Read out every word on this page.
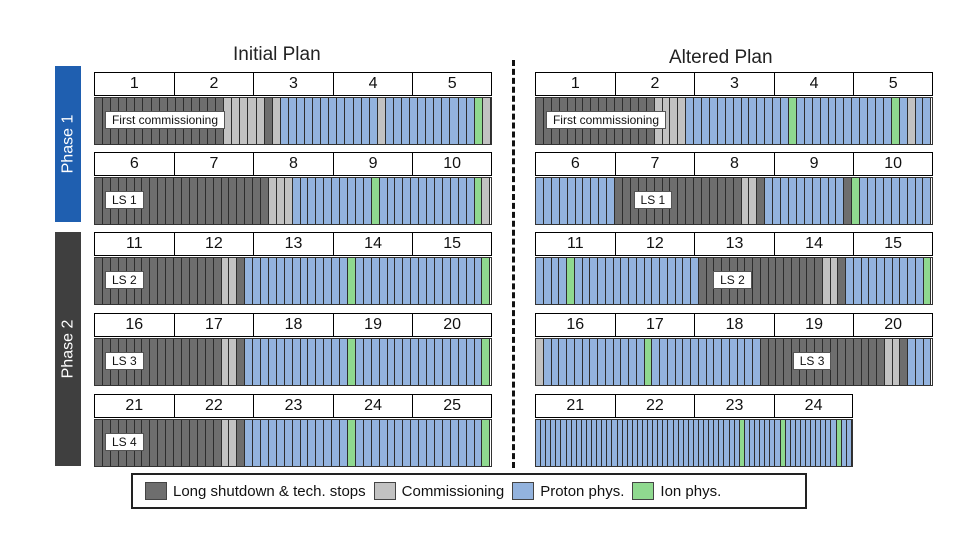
Initial Plan	Altered Plan
Phase 1
Phase 2
1	2	3	4	5
First commissioning
6	7	8	9	10
LS 1
11	12	13	14	15
LS 2
16	17	18	19	20
LS 3
21	22	23	24	25
LS 4
1	2	3	4	5
First commissioning
6	7	8	9	10
LS 1
11	12	13	14	15
LS 2
16	17	18	19	20
LS 3
21	22	23	24
Long shutdown & tech. stops Commissioning Proton phys. Ion phys.
